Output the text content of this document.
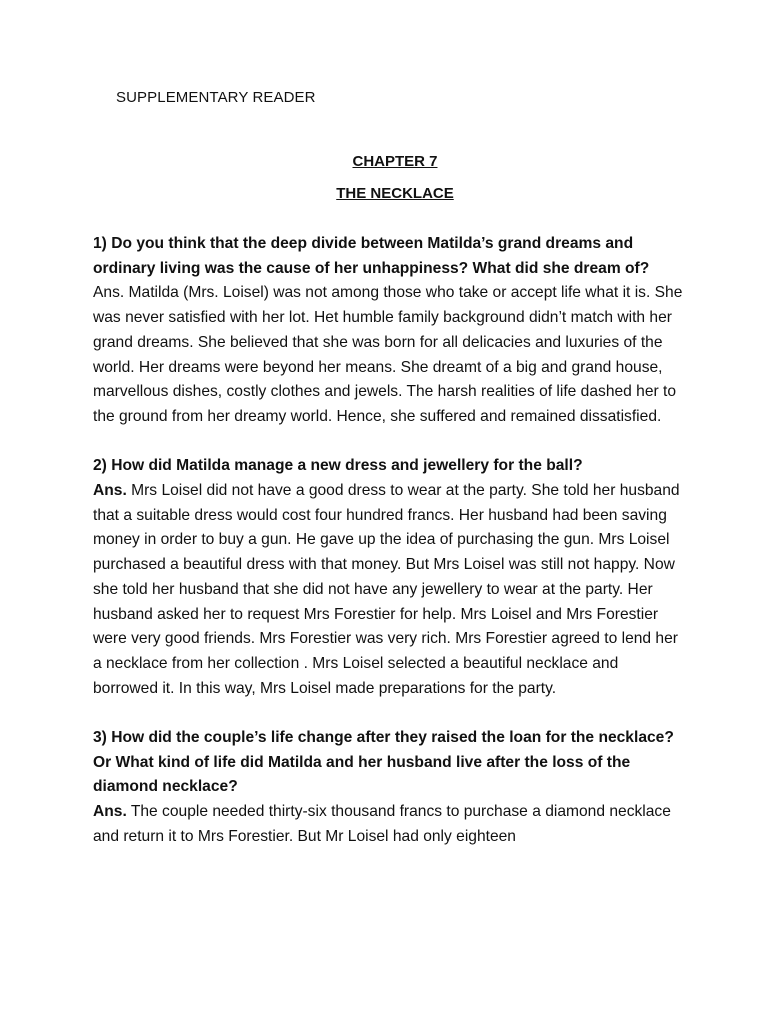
SUPPLEMENTARY READER
CHAPTER 7
THE NECKLACE

1) Do you think that the deep divide between Matilda’s grand dreams and ordinary living was the cause of her unhappiness? What did she dream of?

Ans. Matilda (Mrs. Loisel) was not among those who take or accept life what it is. She was never satisfied with her lot. Het humble family background didn’t match with her grand dreams. She believed that she was born for all delicacies and luxuries of the world. Her dreams were beyond her means. She dreamt of a big and grand house, marvellous dishes, costly clothes and jewels. The harsh realities of life dashed her to the ground from her dreamy world. Hence, she suffered and remained dissatisfied.

2) How did Matilda manage a new dress and jewellery for the ball?

Ans. Mrs Loisel did not have a good dress to wear at the party. She told her husband that a suitable dress would cost four hundred francs. Her husband had been saving money in order to buy a gun. He gave up the idea of purchasing the gun. Mrs Loisel purchased a beautiful dress with that money. But Mrs Loisel was still not happy. Now she told her husband that she did not have any jewellery to wear at the party. Her husband asked her to request Mrs Forestier for help. Mrs Loisel and Mrs Forestier were very good friends. Mrs Forestier was very rich. Mrs Forestier agreed to lend her a necklace from her collection . Mrs Loisel selected a beautiful necklace and borrowed it. In this way, Mrs Loisel made preparations for the party.

3) How did the couple’s life change after they raised the loan for the necklace? Or What kind of life did Matilda and her husband live after the loss of the diamond necklace?

Ans. The couple needed thirty-six thousand francs to purchase a diamond necklace and return it to Mrs Forestier. But Mr Loisel had only eighteen
